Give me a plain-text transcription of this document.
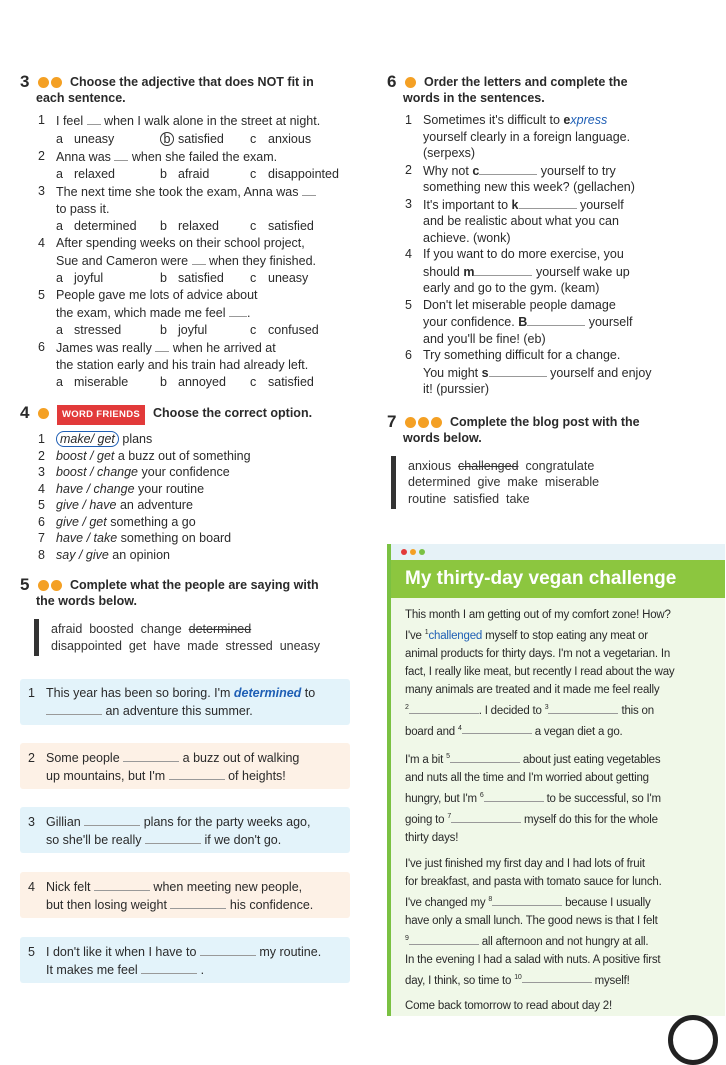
3	Choose the adjective that does NOT fit in
each sentence.
1 I feel when I walk alone in the street at night.
a uneasy	b satisfied	c anxious
2 Anna was when she failed the exam.
a relaxed	b afraid	c disappointed
3 The next time she took the exam, Anna was
to pass it.
a determined	b relaxed	c satisfied
4 After spending weeks on their school project,
Sue and Cameron were when they finished.
a joyful	b satisfied	c uneasy
5 People gave me lots of advice about
the exam, which made me feel .
a stressed	b joyful	c confused
6 James was really when he arrived at
the station early and his train had already left.
a miserable	b annoyed	c satisfied
4	WORD FRIENDS	Choose the correct option.
1	make/ get plans
2 boost / get a buzz out of something
3 boost / change your confidence
4 have / change your routine
5 give / have an adventure
6 give / get something a go
7 have / take something on board
8 say / give an opinion
5	Complete what the people are saying with
the words below.
afraid boosted change determined
disappointed get have made stressed uneasy
1 This year has been so boring. I'm determined to
an adventure this summer.
2 Some people	a buzz out of walking
up mountains, but I'm	of heights!
3 Gillian	plans for the party weeks ago,
so she'll be really	if we don't go.
4 Nick felt	when meeting new people,
but then losing weight	his confidence.
5 I don't like it when I have to	my routine.
It makes me feel	.
6	Order the letters and complete the
words in the sentences.
1 Sometimes it's difficult to express
yourself clearly in a foreign language.
(serpexs)
2 Why not c	yourself to try
something new this week? (gellachen)
3 It's important to k	yourself
and be realistic about what you can
achieve. (wonk)
4 If you want to do more exercise, you
should m	yourself wake up
early and go to the gym. (keam)
5 Don't let miserable people damage
your confidence. B	yourself
and you'll be fine! (eb)
6 Try something difficult for a change.
You might s	yourself and enjoy
it! (purssier)
7	Complete the blog post with the
words below.
anxious challenged congratulate
determined give make miserable
routine satisfied take
My thirty-day vegan challenge

This month I am getting out of my comfort zone! How?
I've $^1$challenged myself to stop eating any meat or
animal products for thirty days. I'm not a vegetarian. In
fact, I really like meat, but recently I read about the way
many animals are treated and it made me feel really
$^2$	. I decided to $^3$	this on
board and $^4$	a vegan diet a go.

I'm a bit $^5$	about just eating vegetables
and nuts all the time and I'm worried about getting
hungry, but I'm $^6$	to be successful, so I'm
going to $^7$	myself do this for the whole
thirty days!

I've just finished my first day and I had lots of fruit
for breakfast, and pasta with tomato sauce for lunch.
I've changed my $^8$	because I usually
have only a small lunch. The good news is that I felt
$^9$	all afternoon and not hungry at all.
In the evening I had a salad with nuts. A positive first
day, I think, so time to $^{10}$	myself!

Come back tomorrow to read about day 2!
